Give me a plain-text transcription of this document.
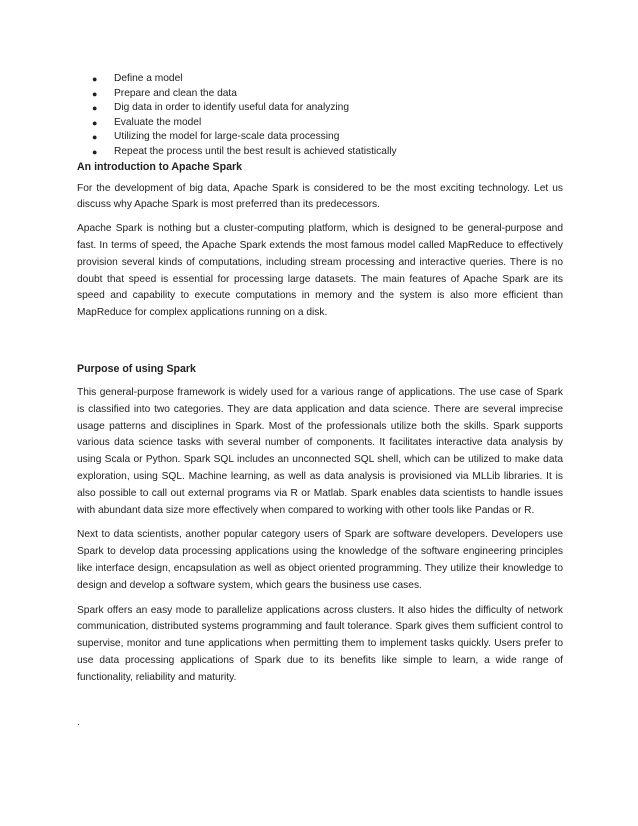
● Define a model
● Prepare and clean the data
● Dig data in order to identify useful data for analyzing
● Evaluate the model
● Utilizing the model for large-scale data processing
● Repeat the process until the best result is achieved statistically
An introduction to Apache Spark

For the development of big data, Apache Spark is considered to be the most exciting technology. Let us discuss why Apache Spark is most preferred than its predecessors.

Apache Spark is nothing but a cluster-computing platform, which is designed to be general-purpose and fast. In terms of speed, the Apache Spark extends the most famous model called MapReduce to effectively provision several kinds of computations, including stream processing and interactive queries. There is no doubt that speed is essential for processing large datasets. The main features of Apache Spark are its speed and capability to execute computations in memory and the system is also more efficient than MapReduce for complex applications running on a disk.

Purpose of using Spark

This general-purpose framework is widely used for a various range of applications. The use case of Spark is classified into two categories. They are data application and data science. There are several imprecise usage patterns and disciplines in Spark. Most of the professionals utilize both the skills. Spark supports various data science tasks with several number of components. It facilitates interactive data analysis by using Scala or Python. Spark SQL includes an unconnected SQL shell, which can be utilized to make data exploration, using SQL. Machine learning, as well as data analysis is provisioned via MLLib libraries. It is also possible to call out external programs via R or Matlab. Spark enables data scientists to handle issues with abundant data size more effectively when compared to working with other tools like Pandas or R.

Next to data scientists, another popular category users of Spark are software developers. Developers use Spark to develop data processing applications using the knowledge of the software engineering principles like interface design, encapsulation as well as object oriented programming. They utilize their knowledge to design and develop a software system, which gears the business use cases.

Spark offers an easy mode to parallelize applications across clusters. It also hides the difficulty of network communication, distributed systems programming and fault tolerance. Spark gives them sufficient control to supervise, monitor and tune applications when permitting them to implement tasks quickly. Users prefer to use data processing applications of Spark due to its benefits like simple to learn, a wide range of functionality, reliability and maturity.

.
